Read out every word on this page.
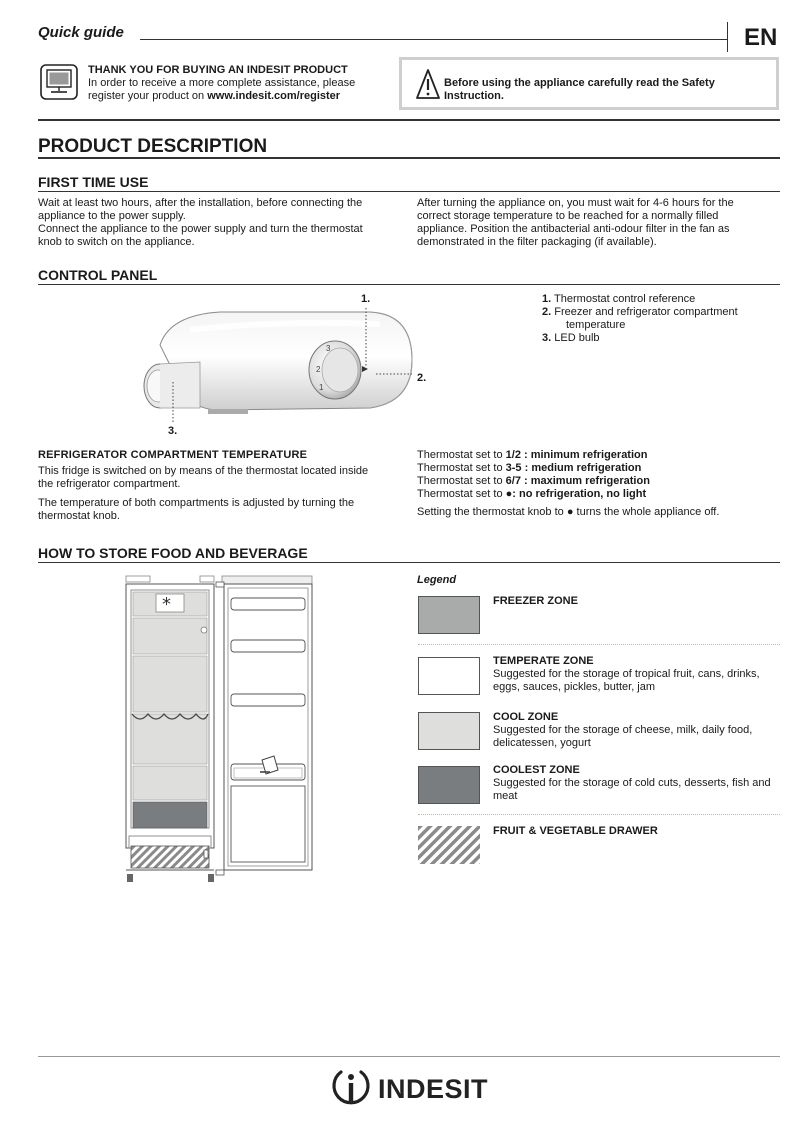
Quick guide	EN
THANK YOU FOR BUYING AN INDESIT PRODUCT
In order to receive a more complete assistance, please
register your product on www.indesit.com/register
Before using the appliance carefully read the Safety
Instruction.
PRODUCT DESCRIPTION
FIRST TIME USE
Wait at least two hours, after the installation, before connecting the
appliance to the power supply.
Connect the appliance to the power supply and turn the thermostat
knob to switch on the appliance.
After turning the appliance on, you must wait for 4-6 hours for the
correct storage temperature to be reached for a normally filled
appliance. Position the antibacterial anti-odour filter in the fan as
demonstrated in the filter packaging (if available).
CONTROL PANEL
3
2
1
1.
2.
3.
1. Thermostat control reference
2. Freezer and refrigerator compartment
temperature
3. LED bulb
REFRIGERATOR COMPARTMENT TEMPERATURE
This fridge is switched on by means of the thermostat located inside
the refrigerator compartment.
The temperature of both compartments is adjusted by turning the
thermostat knob.
Thermostat set to 1/2 : minimum refrigeration
Thermostat set to 3-5 : medium refrigeration
Thermostat set to 6/7 : maximum refrigeration
Thermostat set to ●: no refrigeration, no light
Setting the thermostat knob to ● turns the whole appliance off.
HOW TO STORE FOOD AND BEVERAGE
*
Legend
FREEZER ZONE
TEMPERATE ZONE
Suggested for the storage of tropical fruit, cans, drinks,
eggs, sauces, pickles, butter, jam
COOL ZONE
Suggested for the storage of cheese, milk, daily food,
delicatessen, yogurt
COOLEST ZONE
Suggested for the storage of cold cuts, desserts, fish and
meat
FRUIT & VEGETABLE DRAWER
INDESIT
